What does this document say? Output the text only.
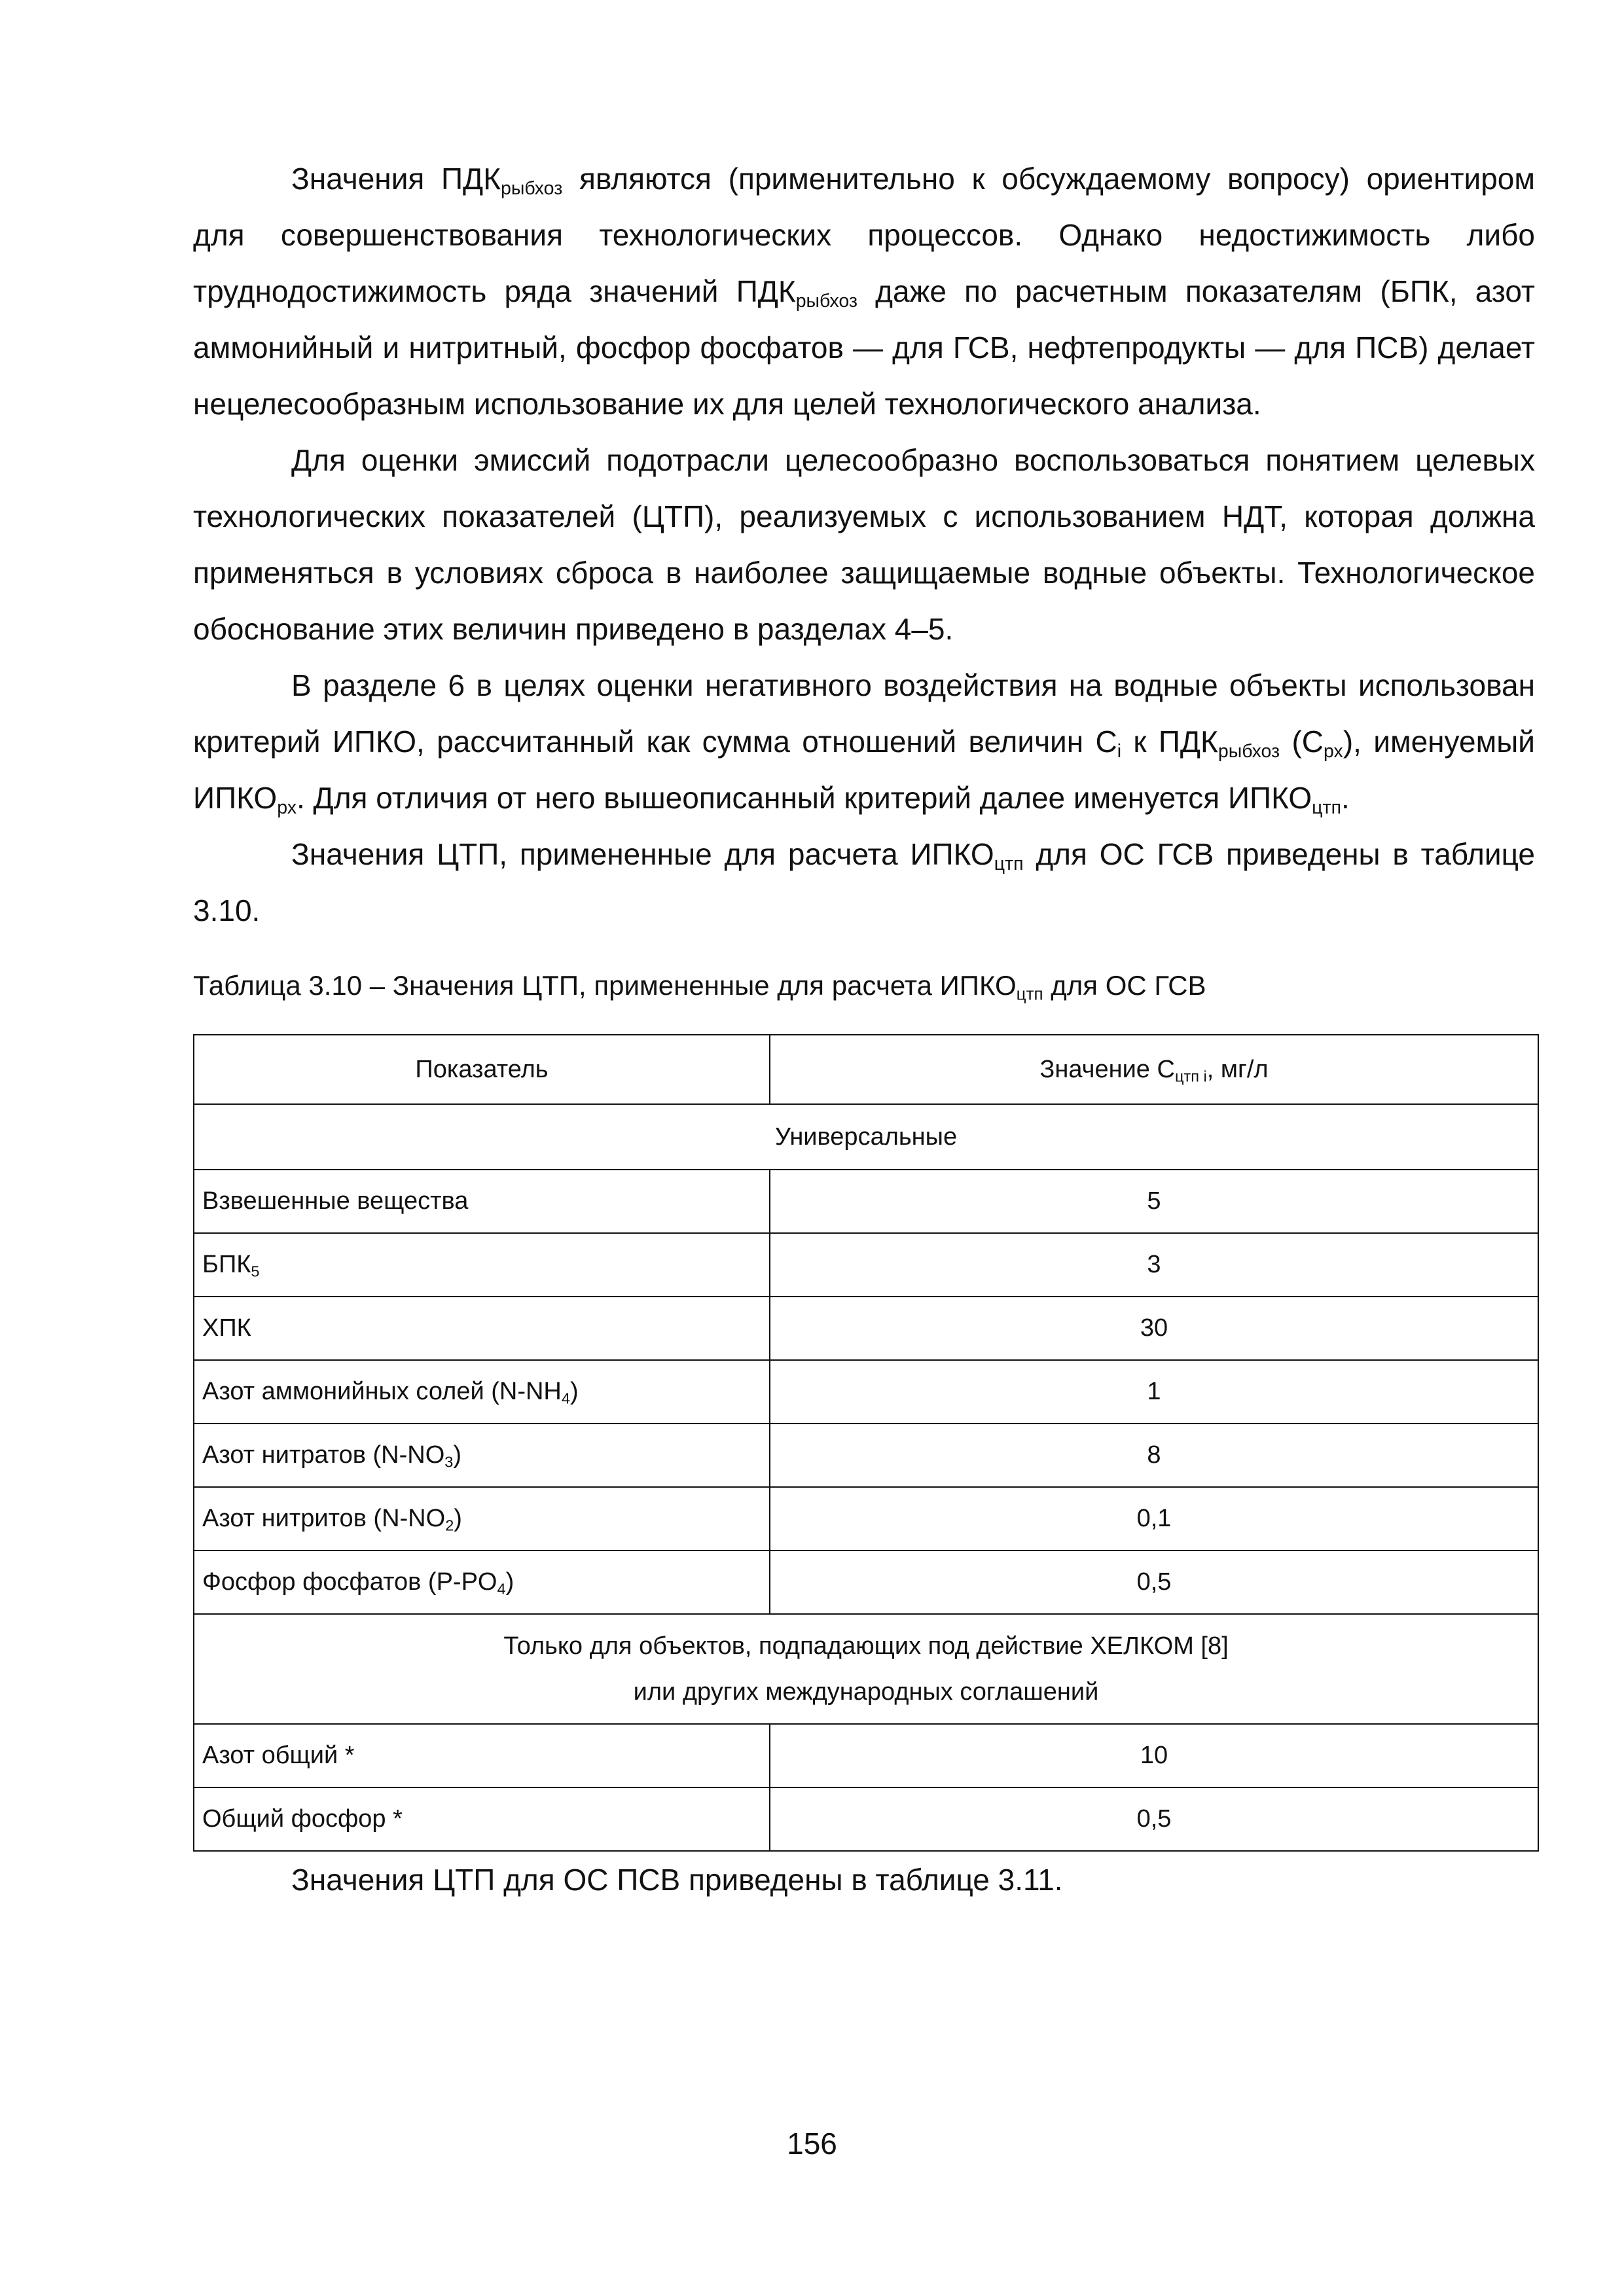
Значения $ПДК_{рыбхоз}$ являются (применительно к обсуждаемому вопросу) ориентиром для совершенствования технологических процессов. Однако недостижимость либо труднодостижимость ряда значений $ПДК_{рыбхоз}$ даже по расчетным показателям (БПК, азот аммонийный и нитритный, фосфор фосфатов — для ГСВ, нефтепродукты — для ПСВ) делает нецелесообразным использование их для целей технологического анализа.

Для оценки эмиссий подотрасли целесообразно воспользоваться понятием целевых технологических показателей (ЦТП), реализуемых с использованием НДТ, которая должна применяться в условиях сброса в наиболее защищаемые водные объекты. Технологическое обоснование этих величин приведено в разделах 4–5.

В разделе 6 в целях оценки негативного воздействия на водные объекты использован критерий ИПКО, рассчитанный как сумма отношений величин $C_i$ к $ПДК_{рыбхоз}$ $(C_{рх})$, именуемый $ИПКО_{рх}$. Для отличия от него вышеописанный критерий далее именуется $ИПКО_{цтп}$.

Значения ЦТП, примененные для расчета $ИПКО_{цтп}$ для ОС ГСВ приведены в таблице 3.10.

Таблица 3.10 – Значения ЦТП, примененные для расчета $ИПКО_{цтп}$ для ОС ГСВ
Показатель	Значение $C_{цтп i}$, мг/л
Универсальные	
Взвешенные вещества	5
$БПК_5$	3
ХПК	30
Азот аммонийных солей $(N-NH_4)$	1
Азот нитратов $(N-NO_3)$	8
Азот нитритов $(N-NO_2)$	0,1
Фосфор фосфатов $(P-PO_4)$	0,5
Только для объектов, подпадающих под действие ХЕЛКОМ [8]
или других международных соглашений	
Азот общий *	10
Общий фосфор *	0,5

Значения ЦТП для ОС ПСВ приведены в таблице 3.11.

156
